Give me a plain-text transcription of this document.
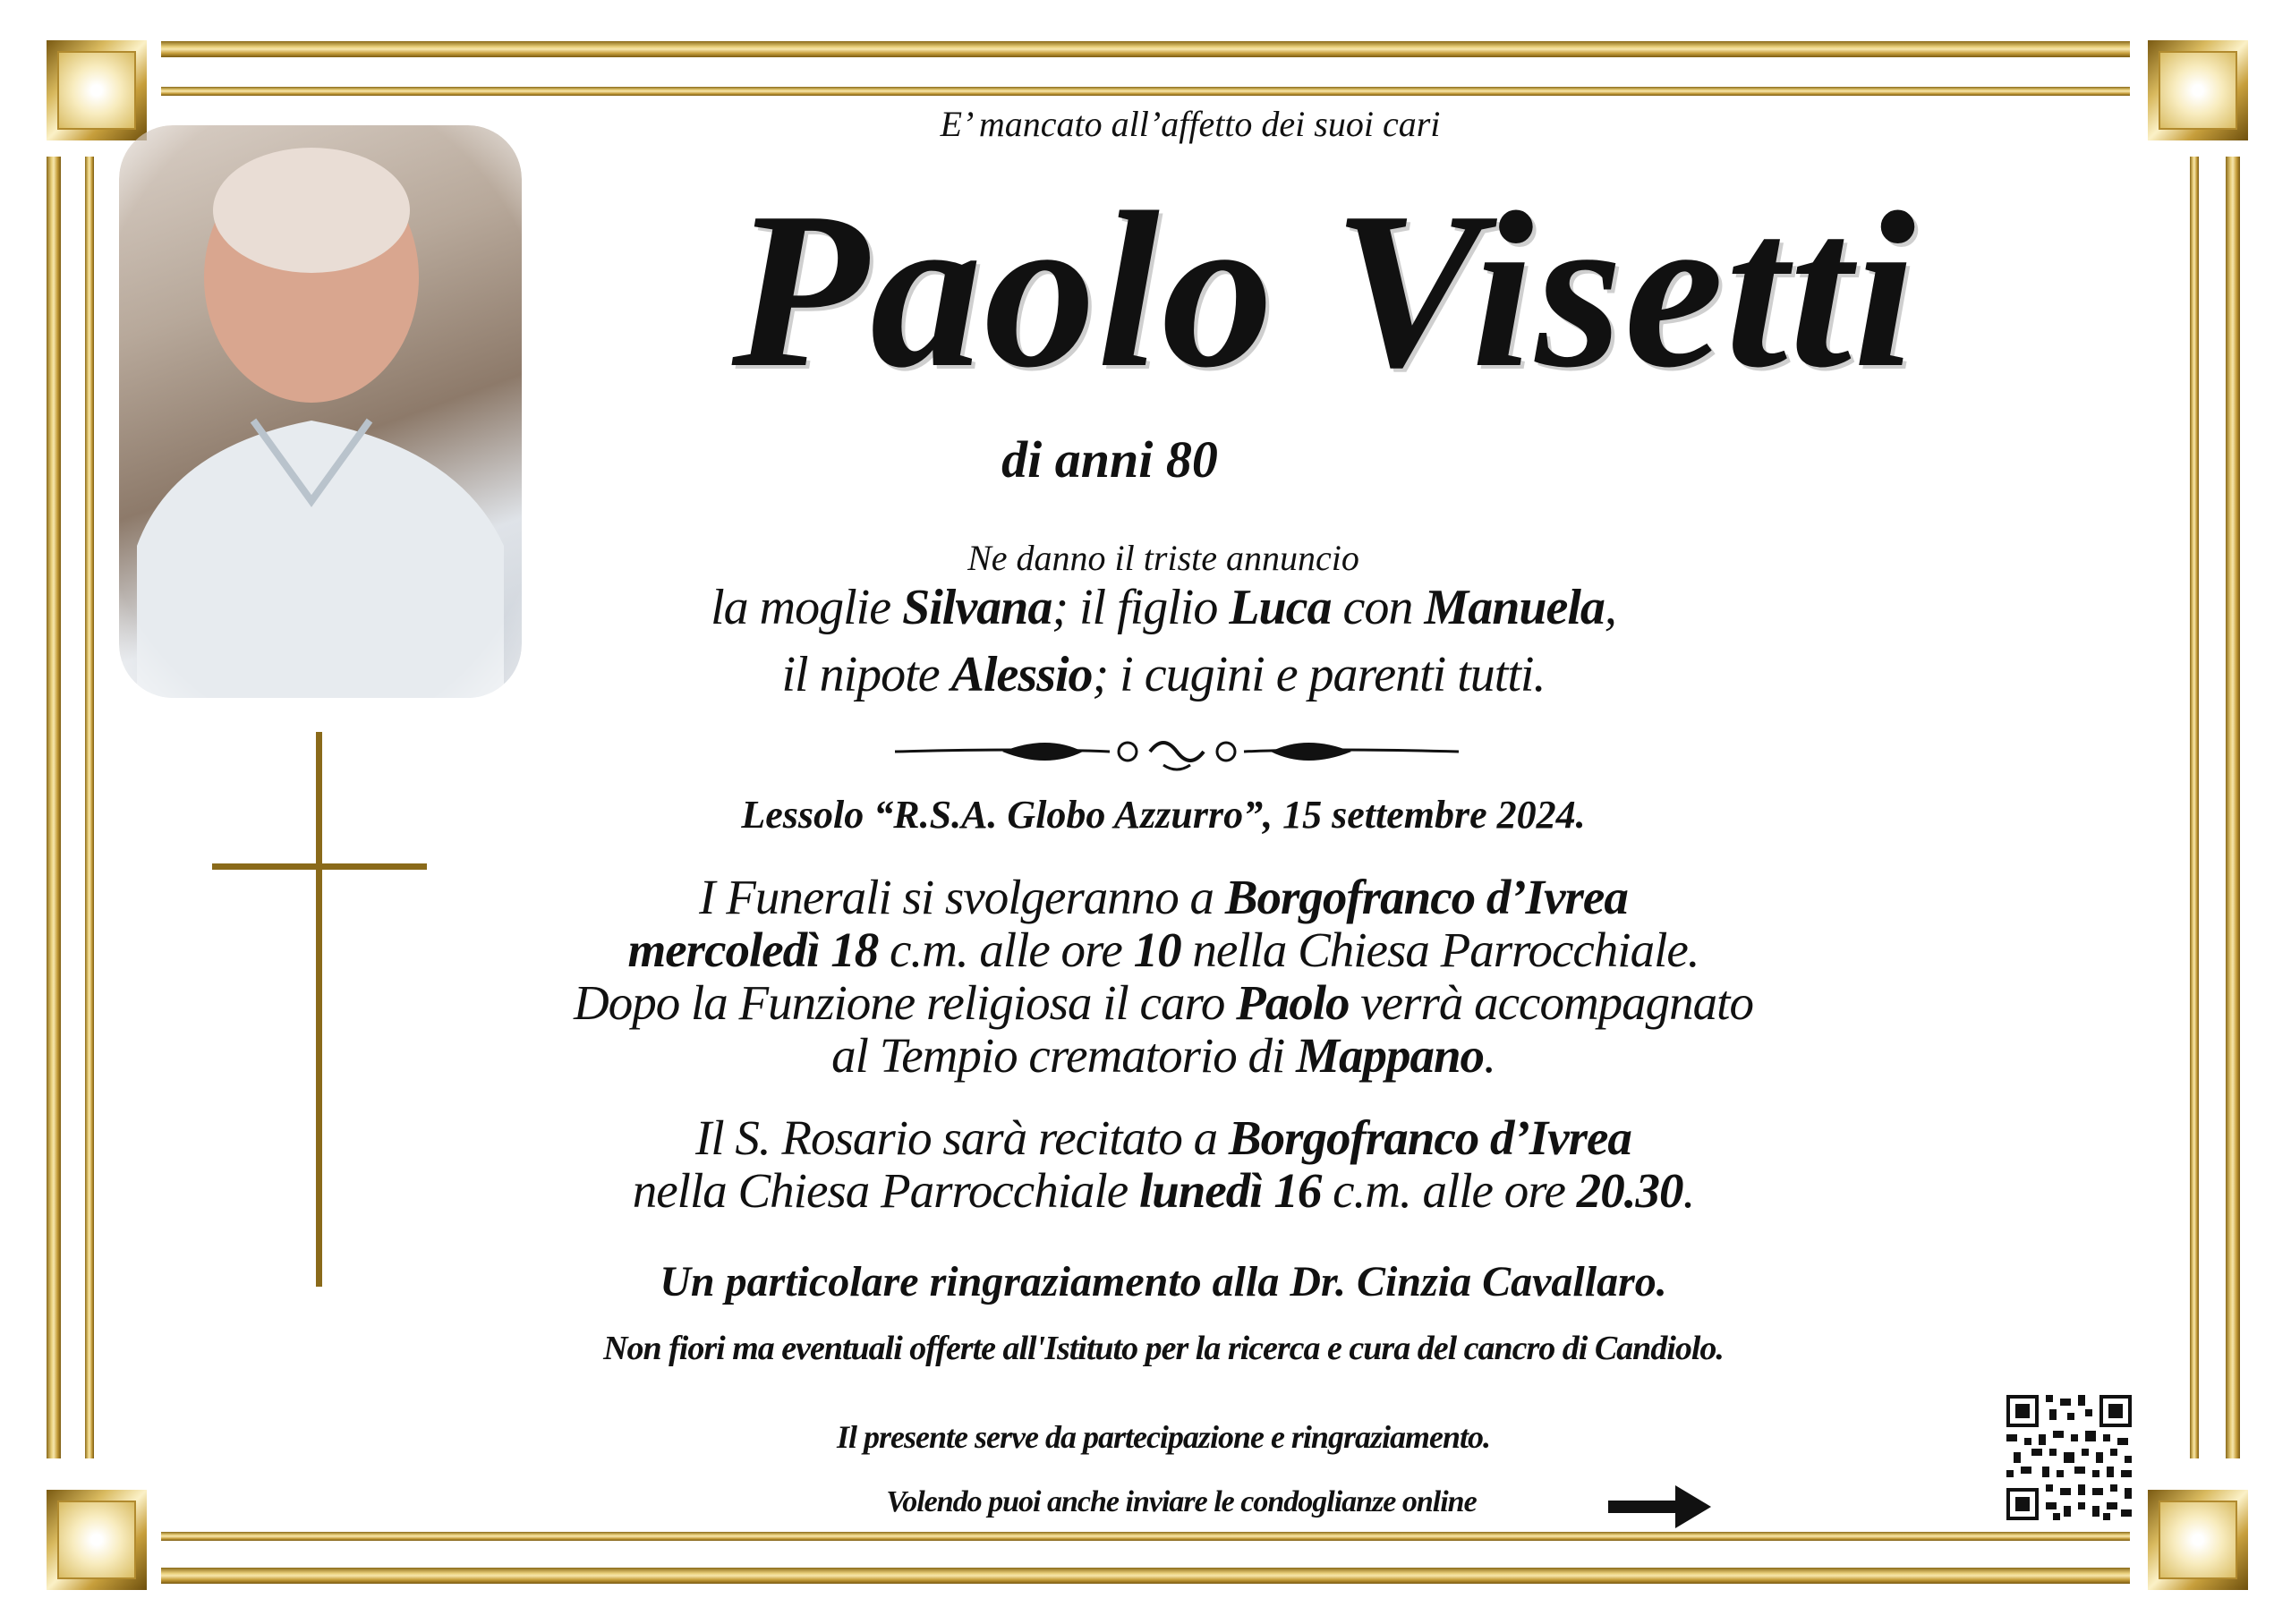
E’ mancato all’affetto dei suoi cari
Paolo Visetti
di anni 80
Ne danno il triste annuncio
la moglie Silvana; il figlio Luca con Manuela,
il nipote Alessio; i cugini e parenti tutti.
Lessolo “R.S.A. Globo Azzurro”, 15 settembre 2024.
I Funerali si svolgeranno a Borgofranco d’Ivrea
mercoledì 18 c.m. alle ore 10 nella Chiesa Parrocchiale.
Dopo la Funzione religiosa il caro Paolo verrà accompagnato
al Tempio crematorio di Mappano.
Il S. Rosario sarà recitato a Borgofranco d’Ivrea
nella Chiesa Parrocchiale lunedì 16 c.m. alle ore 20.30.
Un particolare ringraziamento alla Dr. Cinzia Cavallaro.
Non fiori ma eventuali offerte all'Istituto per la ricerca e cura del cancro di Candiolo.
Il presente serve da partecipazione e ringraziamento.
Volendo puoi anche inviare le condoglianze online
